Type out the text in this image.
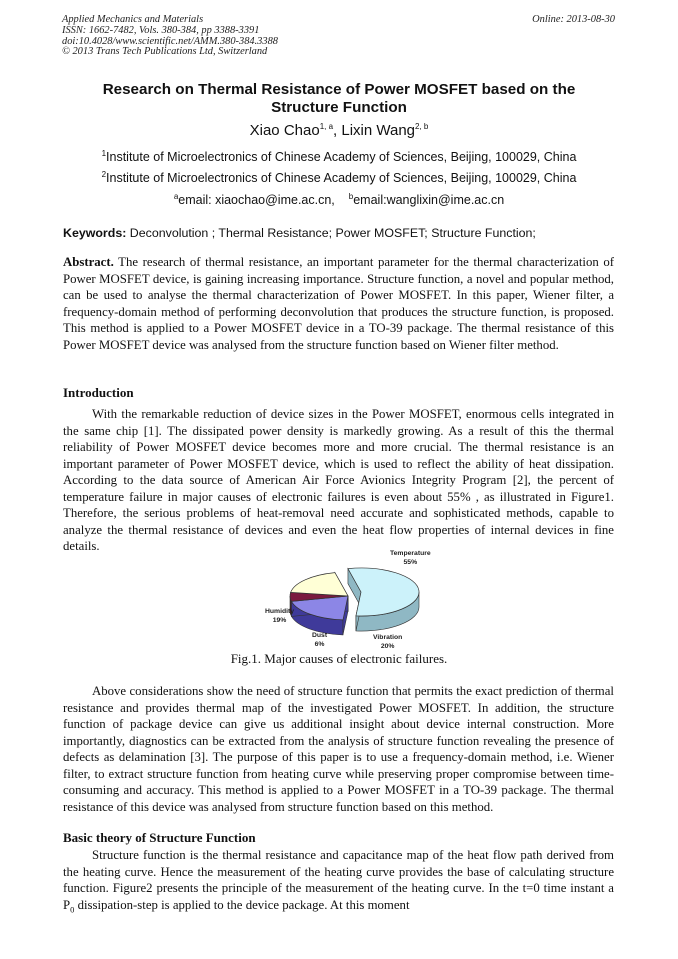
Applied Mechanics and Materials
ISSN: 1662-7482, Vols. 380-384, pp 3388-3391
doi:10.4028/www.scientific.net/AMM.380-384.3388
© 2013 Trans Tech Publications Ltd, Switzerland
Online: 2013-08-30
Research on Thermal Resistance of Power MOSFET based on the
Structure Function
Xiao Chao$^{1, a}$, Lixin Wang$^{2, b}$
$^1$Institute of Microelectronics of Chinese Academy of Sciences, Beijing, 100029, China
$^2$Institute of Microelectronics of Chinese Academy of Sciences, Beijing, 100029, China
$^a$email: xiaochao@ime.ac.cn, $^b$email:wanglixin@ime.ac.cn
Keywords: Deconvolution ; Thermal Resistance; Power MOSFET; Structure Function;
Abstract. The research of thermal resistance, an important parameter for the thermal characterization of Power MOSFET device, is gaining increasing importance. Structure function, a novel and popular method, can be used to analyse the thermal characterization of Power MOSFET. In this paper, Wiener filter, a frequency-domain method of performing deconvolution that produces the structure function, is proposed. This method is applied to a Power MOSFET device in a TO-39 package. The thermal resistance of this Power MOSFET device was analysed from the structure function based on Wiener filter method.
Introduction
With the remarkable reduction of device sizes in the Power MOSFET, enormous cells integrated in the same chip [1]. The dissipated power density is markedly growing. As a result of this the thermal reliability of Power MOSFET device becomes more and more crucial. The thermal resistance is an important parameter of Power MOSFET device, which is used to reflect the ability of heat dissipation. According to the data source of American Air Force Avionics Integrity Program [2], the percent of temperature failure in major causes of electronic failures is even about 55% , as illustrated in Figure1. Therefore, the serious problems of heat-removal need accurate and sophisticated methods, capable to analyze the thermal resistance of devices and even the heat flow properties of internal devices in fine details.
Temperature
55%
Vibration
20%
Dust
6%
Humidity
19%
Fig.1. Major causes of electronic failures.
Above considerations show the need of structure function that permits the exact prediction of thermal resistance and provides thermal map of the investigated Power MOSFET. In addition, the structure function of package device can give us additional insight about device internal construction. More importantly, diagnostics can be extracted from the analysis of structure function revealing the presence of defects as delamination [3]. The purpose of this paper is to use a frequency-domain method, i.e. Wiener filter, to extract structure function from heating curve while preserving proper compromise between time-consuming and accuracy. This method is applied to a Power MOSFET in a TO-39 package. The thermal resistance of this device was analysed from structure function based on this method.
Basic theory of Structure Function
Structure function is the thermal resistance and capacitance map of the heat flow path derived from the heating curve. Hence the measurement of the heating curve provides the base of calculating structure function. Figure2 presents the principle of the measurement of the heating curve. In the t=0 time instant a $P_0$ dissipation-step is applied to the device package. At this moment
